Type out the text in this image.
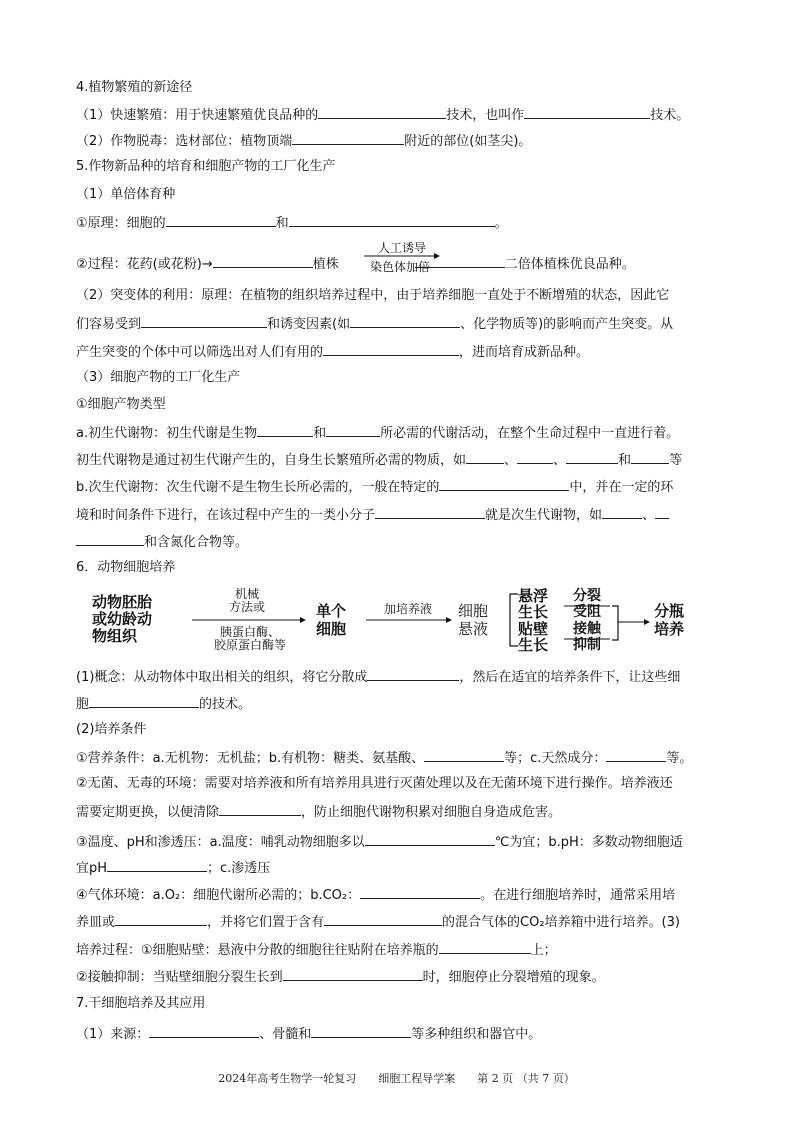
4.植物繁殖的新途径
（1）快速繁殖：用于快速繁殖优良品种的	技术，也叫作	技术。
（2）作物脱毒：选材部位：植物顶端	附近的部位(如茎尖)。
5.作物新品种的培育和细胞产物的工厂化生产
（1）单倍体育种
①原理：细胞的	和	。
②过程：花药(或花粉)→	植株	二倍体植株优良品种。
人工诱导
染色体加倍
（2）突变体的利用：原理：在植物的组织培养过程中，由于培养细胞一直处于不断增殖的状态，因此它
们容易受到	和诱变因素(如	、化学物质等)的影响而产生突变。从
产生突变的个体中可以筛选出对人们有用的	，进而培育成新品种。
（3）细胞产物的工厂化生产
①细胞产物类型
a.初生代谢物：初生代谢是生物	和	所必需的代谢活动，在整个生命过程中一直进行着。
初生代谢物是通过初生代谢产生的，自身生长繁殖所必需的物质，如	、	、	和	等
b.次生代谢物：次生代谢不是生物生长所必需的，一般在特定的	中，并在一定的环
境和时间条件下进行，在该过程中产生的一类小分子	就是次生代谢物，如	、
和含氮化合物等。
6．动物细胞培养
动物胚胎
或幼龄动
物组织
机械
方法或
胰蛋白酶、
胶原蛋白酶等
单个
细胞
加培养液	细胞
悬液
悬浮
生长
分裂
受阻
贴壁
生长
接触
抑制
分瓶
培养
(1)概念：从动物体中取出相关的组织，将它分散成	，然后在适宜的培养条件下，让这些细
胞	的技术。
(2)培养条件
①营养条件：a.无机物：无机盐；b.有机物：糖类、氨基酸、	等；c.天然成分：	等。
②无菌、无毒的环境：需要对培养液和所有培养用具进行灭菌处理以及在无菌环境下进行操作。培养液还
需要定期更换，以便清除	，防止细胞代谢物积累对细胞自身造成危害。
③温度、pH和渗透压：a.温度：哺乳动物细胞多以	℃为宜；b.pH：多数动物细胞适
宜pH	；c.渗透压
④气体环境：a.O₂：细胞代谢所必需的；b.CO₂：	。在进行细胞培养时，通常采用培
养皿或	，并将它们置于含有	的混合气体的CO₂培养箱中进行培养。(3)
培养过程：①细胞贴壁：悬液中分散的细胞往往贴附在培养瓶的	上；
②接触抑制：当贴壁细胞分裂生长到	时，细胞停止分裂增殖的现象。
7.干细胞培养及其应用
（1）来源：	、骨髓和	等多种组织和器官中。
2024年高考生物学一轮复习　　细胞工程导学案　　第 2 页 （共 7 页）
